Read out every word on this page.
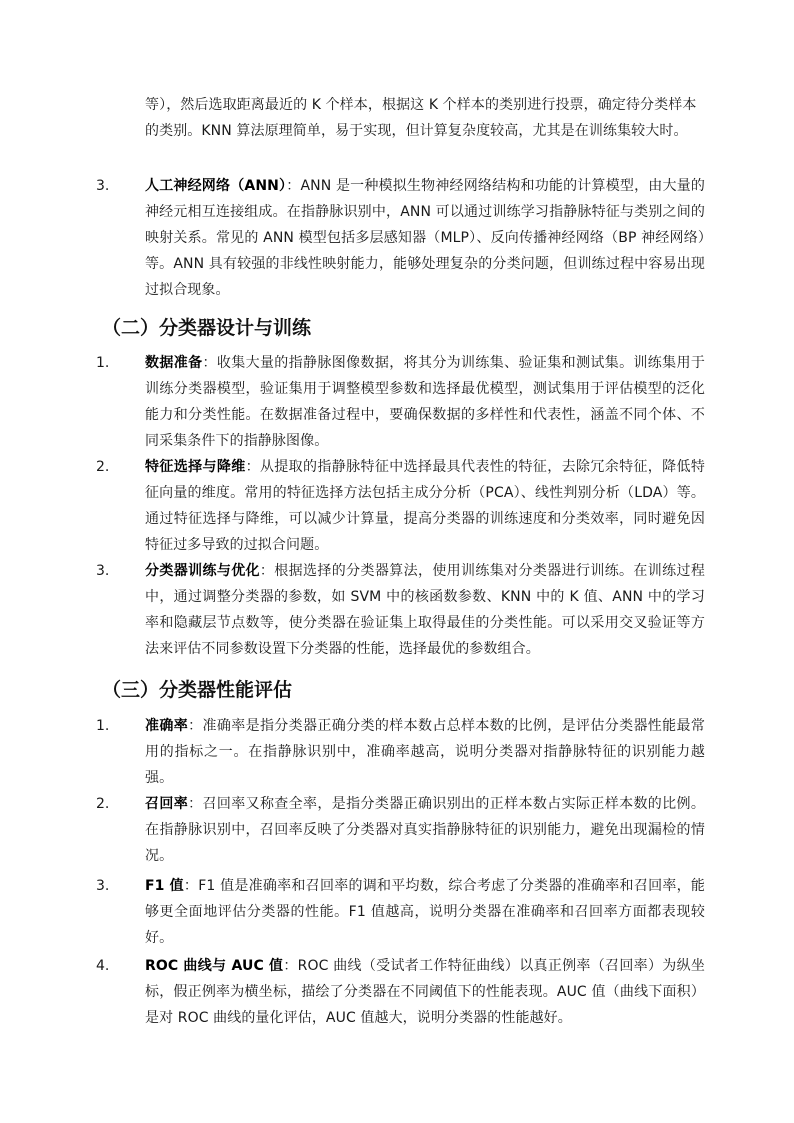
等），然后选取距离最近的 K 个样本，根据这 K 个样本的类别进行投票，确定待分类样本的类别。KNN 算法原理简单，易于实现，但计算复杂度较高，尤其是在训练集较大时。
3.	人工神经网络（ANN）：ANN 是一种模拟生物神经网络结构和功能的计算模型，由大量的神经元相互连接组成。在指静脉识别中，ANN 可以通过训练学习指静脉特征与类别之间的映射关系。常见的 ANN 模型包括多层感知器（MLP）、反向传播神经网络（BP 神经网络）等。ANN 具有较强的非线性映射能力，能够处理复杂的分类问题，但训练过程中容易出现过拟合现象。
（二）分类器设计与训练
1.	数据准备：收集大量的指静脉图像数据，将其分为训练集、验证集和测试集。训练集用于训练分类器模型，验证集用于调整模型参数和选择最优模型，测试集用于评估模型的泛化能力和分类性能。在数据准备过程中，要确保数据的多样性和代表性，涵盖不同个体、不同采集条件下的指静脉图像。
2.	特征选择与降维：从提取的指静脉特征中选择最具代表性的特征，去除冗余特征，降低特征向量的维度。常用的特征选择方法包括主成分分析（PCA）、线性判别分析（LDA）等。通过特征选择与降维，可以减少计算量，提高分类器的训练速度和分类效率，同时避免因特征过多导致的过拟合问题。
3.	分类器训练与优化：根据选择的分类器算法，使用训练集对分类器进行训练。在训练过程中，通过调整分类器的参数，如 SVM 中的核函数参数、KNN 中的 K 值、ANN 中的学习率和隐藏层节点数等，使分类器在验证集上取得最佳的分类性能。可以采用交叉验证等方法来评估不同参数设置下分类器的性能，选择最优的参数组合。
（三）分类器性能评估
1.	准确率：准确率是指分类器正确分类的样本数占总样本数的比例，是评估分类器性能最常用的指标之一。在指静脉识别中，准确率越高，说明分类器对指静脉特征的识别能力越强。
2.	召回率：召回率又称查全率，是指分类器正确识别出的正样本数占实际正样本数的比例。在指静脉识别中，召回率反映了分类器对真实指静脉特征的识别能力，避免出现漏检的情况。
3.	F1 值：F1 值是准确率和召回率的调和平均数，综合考虑了分类器的准确率和召回率，能够更全面地评估分类器的性能。F1 值越高，说明分类器在准确率和召回率方面都表现较好。
4.	ROC 曲线与 AUC 值：ROC 曲线（受试者工作特征曲线）以真正例率（召回率）为纵坐标，假正例率为横坐标，描绘了分类器在不同阈值下的性能表现。AUC 值（曲线下面积）是对 ROC 曲线的量化评估，AUC 值越大，说明分类器的性能越好。
